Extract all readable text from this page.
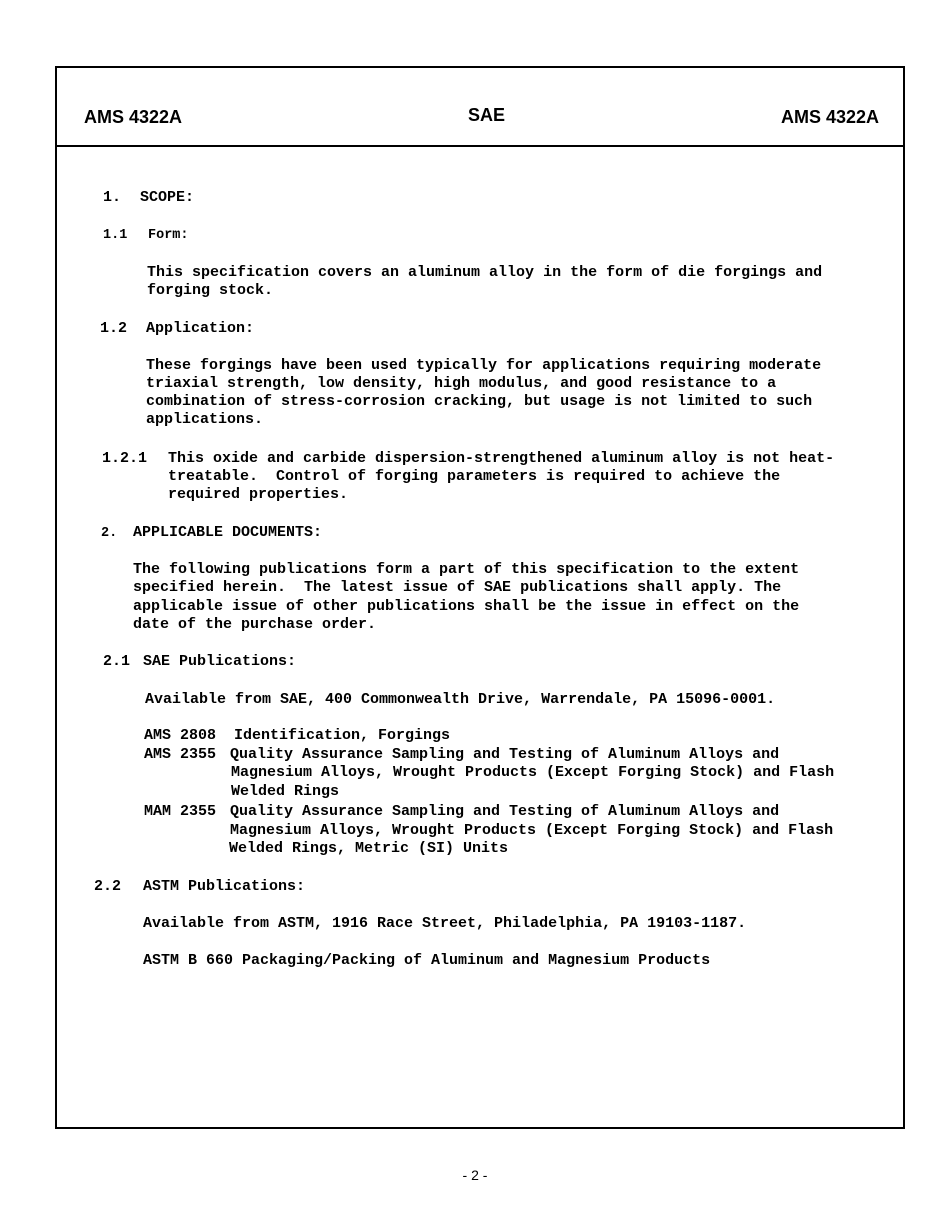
AMS 4322A	SAE	AMS 4322A
1. SCOPE:
1.1 Form:
This specification covers an aluminum alloy in the form of die forgings and
forging stock.
1.2 Application:
These forgings have been used typically for applications requiring moderate
triaxial strength, low density, high modulus, and good resistance to a
combination of stress-corrosion cracking, but usage is not limited to such
applications.
1.2.1 This oxide and carbide dispersion-strengthened aluminum alloy is not heat-
treatable.  Control of forging parameters is required to achieve the
required properties.
2. APPLICABLE DOCUMENTS:
The following publications form a part of this specification to the extent
specified herein.  The latest issue of SAE publications shall apply. The
applicable issue of other publications shall be the issue in effect on the
date of the purchase order.
2.1 SAE Publications:
Available from SAE, 400 Commonwealth Drive, Warrendale, PA 15096-0001.
AMS 2808 Identification, Forgings
AMS 2355 Quality Assurance Sampling and Testing of Aluminum Alloys and
Magnesium Alloys, Wrought Products (Except Forging Stock) and Flash
Welded Rings
MAM 2355 Quality Assurance Sampling and Testing of Aluminum Alloys and
Magnesium Alloys, Wrought Products (Except Forging Stock) and Flash
Welded Rings, Metric (SI) Units
2.2 ASTM Publications:
Available from ASTM, 1916 Race Street, Philadelphia, PA 19103-1187.
ASTM B 660 Packaging/Packing of Aluminum and Magnesium Products
- 2 -
